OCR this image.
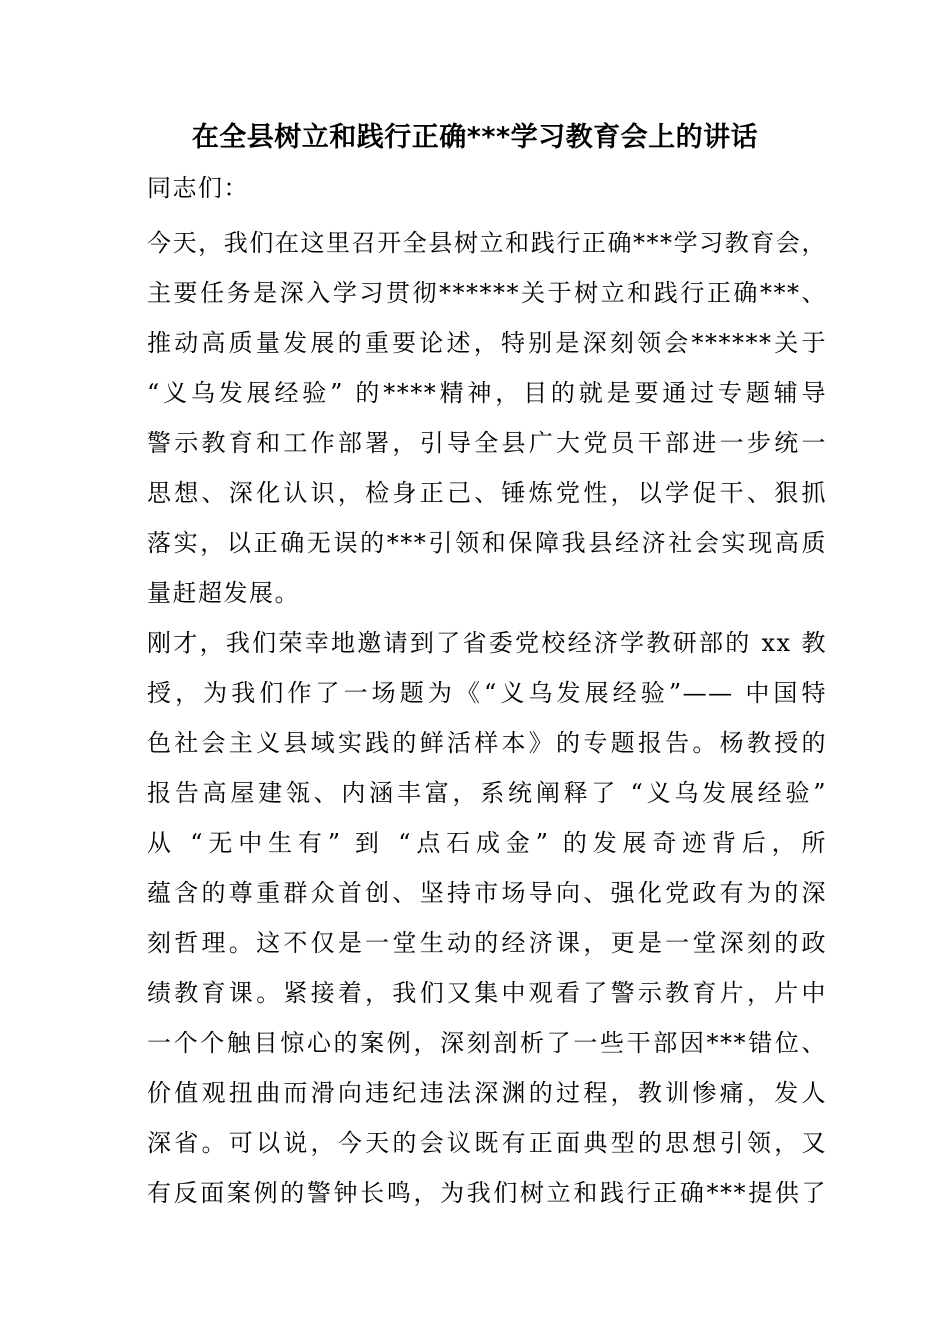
在全县树立和践行正确***学习教育会上的讲话
同志们：
今天，我们在这里召开全县树立和践行正确***学习教育会，
主要任务是深入学习贯彻******关于树立和践行正确***、
推动高质量发展的重要论述，特别是深刻领会******关于
“义乌发展经验” 的****精神，目的就是要通过专题辅导
警示教育和工作部署，引导全县广大党员干部进一步统一
思想、深化认识，检身正己、锤炼党性，以学促干、狠抓
落实，以正确无误的***引领和保障我县经济社会实现高质
量赶超发展。
刚才，我们荣幸地邀请到了省委党校经济学教研部的 xx 教
授，为我们作了一场题为《“义乌发展经验”—— 中国特
色社会主义县域实践的鲜活样本》的专题报告。杨教授的
报告高屋建瓴、内涵丰富，系统阐释了 “义乌发展经验”
从 “无中生有” 到 “点石成金” 的发展奇迹背后，所
蕴含的尊重群众首创、坚持市场导向、强化党政有为的深
刻哲理。这不仅是一堂生动的经济课，更是一堂深刻的政
绩教育课。紧接着，我们又集中观看了警示教育片，片中
一个个触目惊心的案例，深刻剖析了一些干部因***错位、
价值观扭曲而滑向违纪违法深渊的过程，教训惨痛，发人
深省。可以说，今天的会议既有正面典型的思想引领，又
有反面案例的警钟长鸣，为我们树立和践行正确***提供了
